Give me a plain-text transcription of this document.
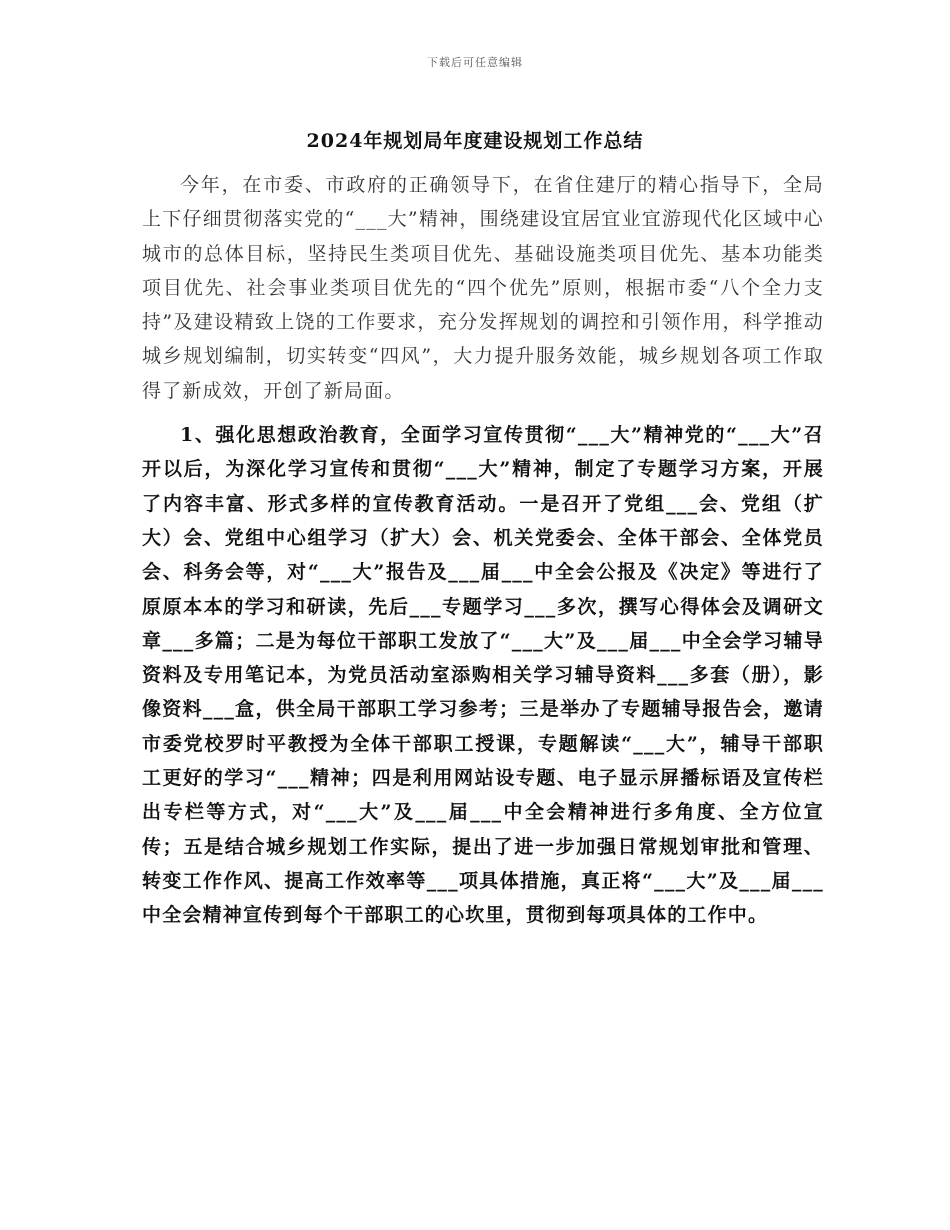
下载后可任意编辑
2024年规划局年度建设规划工作总结

今年，在市委、市政府的正确领导下，在省住建厅的精心指导下，全局上下仔细贯彻落实党的“___大”精神，围绕建设宜居宜业宜游现代化区域中心城市的总体目标，坚持民生类项目优先、基础设施类项目优先、基本功能类项目优先、社会事业类项目优先的“四个优先”原则，根据市委“八个全力支持”及建设精致上饶的工作要求，充分发挥规划的调控和引领作用，科学推动城乡规划编制，切实转变“四风”，大力提升服务效能，城乡规划各项工作取得了新成效，开创了新局面。

1、强化思想政治教育，全面学习宣传贯彻“___大”精神党的“___大”召开以后，为深化学习宣传和贯彻“___大”精神，制定了专题学习方案，开展了内容丰富、形式多样的宣传教育活动。一是召开了党组___会、党组（扩大）会、党组中心组学习（扩大）会、机关党委会、全体干部会、全体党员会、科务会等，对“___大”报告及___届___中全会公报及《决定》等进行了原原本本的学习和研读，先后___专题学习___多次，撰写心得体会及调研文章___多篇；二是为每位干部职工发放了“___大”及___届___中全会学习辅导资料及专用笔记本，为党员活动室添购相关学习辅导资料___多套（册），影像资料___盒，供全局干部职工学习参考；三是举办了专题辅导报告会，邀请市委党校罗时平教授为全体干部职工授课，专题解读“___大”，辅导干部职工更好的学习“___精神；四是利用网站设专题、电子显示屏播标语及宣传栏出专栏等方式，对“___大”及___届___中全会精神进行多角度、全方位宣传；五是结合城乡规划工作实际，提出了进一步加强日常规划审批和管理、转变工作作风、提高工作效率等___项具体措施，真正将“___大”及___届___中全会精神宣传到每个干部职工的心坎里，贯彻到每项具体的工作中。
